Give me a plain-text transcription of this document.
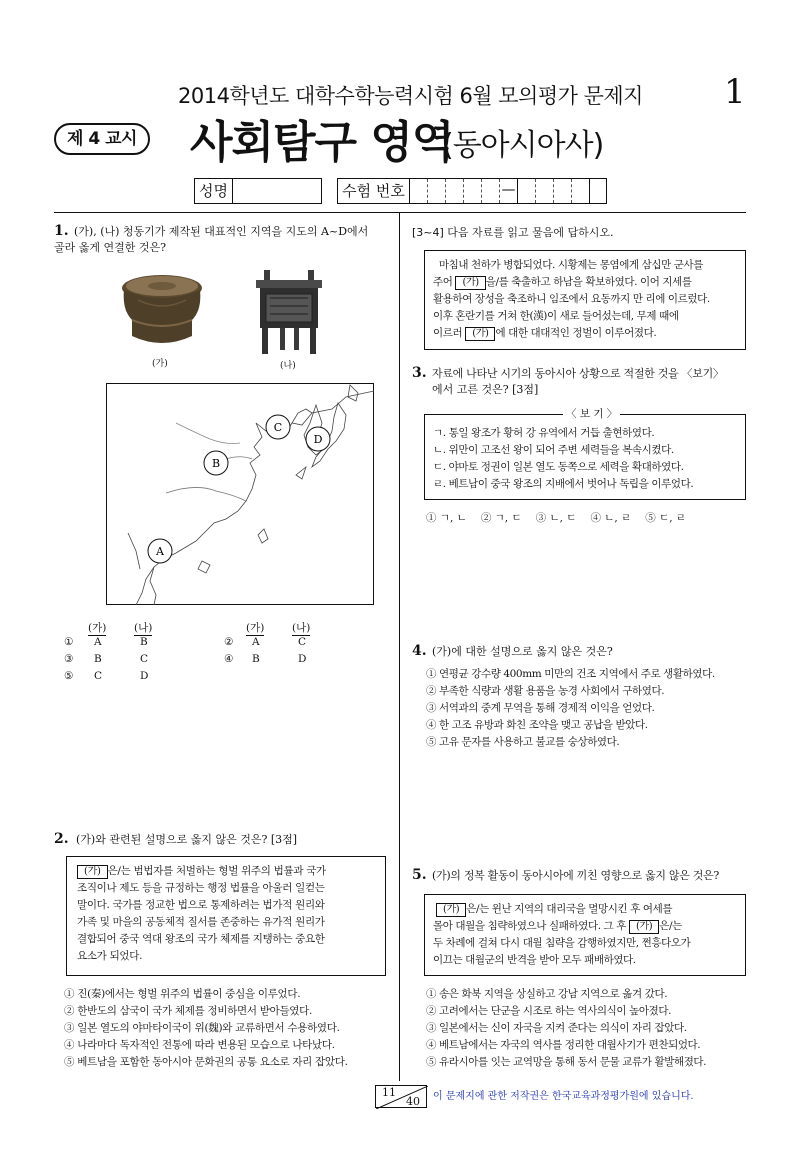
2014학년도 대학수학능력시험 6월 모의평가 문제지 1
제 4 교시 사회탐구 영역
(동아시아사)
성명	수험 번호	—
1. (가), (나) 청동기가 제작된 대표적인 지역을 지도의 A~D에서
골라 옳게 연결한 것은?
(가)	(나)
A
B
C
D
(가)	(나)	(가)	(나)
① A	B	② A	C
③ B	C	④ B	D
⑤ C	D
2. (가)와 관련된 설명으로 옳지 않은 것은? [3점]
(가) 은/는 범법자를 처벌하는 형벌 위주의 법률과 국가
조직이나 제도 등을 규정하는 행정 법률을 아울러 일컫는
말이다. 국가를 정교한 법으로 통제하려는 법가적 원리와
가족 및 마을의 공동체적 질서를 존중하는 유가적 원리가
결합되어 중국 역대 왕조의 국가 체제를 지탱하는 중요한
요소가 되었다.
① 진(秦)에서는 형벌 위주의 법률이 중심을 이루었다.
② 한반도의 삼국이 국가 체제를 정비하면서 받아들였다.
③ 일본 열도의 야마타이국이 위(魏)와 교류하면서 수용하였다.
④ 나라마다 독자적인 전통에 따라 변용된 모습으로 나타났다.
⑤ 베트남을 포함한 동아시아 문화권의 공통 요소로 자리 잡았다.
[3~4] 다음 자료를 읽고 물음에 답하시오.
마침내 천하가 병합되었다. 시황제는 몽염에게 삼십만 군사를
주어 (가) 을/를 축출하고 하남을 확보하였다. 이어 지세를
활용하여 장성을 축조하니 임조에서 요동까지 만 리에 이르렀다.
이후 혼란기를 거쳐 한(漢)이 새로 들어섰는데, 무제 때에
이르러 (가) 에 대한 대대적인 정벌이 이루어졌다.
3. 자료에 나타난 시기의 동아시아 상황으로 적절한 것을 〈보기〉
에서 고른 것은? [3점]
〈 보 기 〉
ㄱ. 통일 왕조가 황허 강 유역에서 거듭 출현하였다.
ㄴ. 위만이 고조선 왕이 되어 주변 세력들을 복속시켰다.
ㄷ. 야마토 정권이 일본 열도 동쪽으로 세력을 확대하였다.
ㄹ. 베트남이 중국 왕조의 지배에서 벗어나 독립을 이루었다.
① ㄱ, ㄴ ② ㄱ, ㄷ ③ ㄴ, ㄷ ④ ㄴ, ㄹ ⑤ ㄷ, ㄹ
4. (가)에 대한 설명으로 옳지 않은 것은?
① 연평균 강수량 400mm 미만의 건조 지역에서 주로 생활하였다.
② 부족한 식량과 생활 용품을 농경 사회에서 구하였다.
③ 서역과의 중계 무역을 통해 경제적 이익을 얻었다.
④ 한 고조 유방과 화친 조약을 맺고 공납을 받았다.
⑤ 고유 문자를 사용하고 불교를 숭상하였다.
5. (가)의 정복 활동이 동아시아에 끼친 영향으로 옳지 않은 것은?
(가) 은/는 윈난 지역의 대리국을 멸망시킨 후 여세를
몰아 대월을 침략하였으나 실패하였다. 그 후 (가) 은/는
두 차례에 걸쳐 다시 대월 침략을 감행하였지만, 쩐흥다오가
이끄는 대월군의 반격을 받아 모두 패배하였다.
① 송은 화북 지역을 상실하고 강남 지역으로 옮겨 갔다.
② 고려에서는 단군을 시조로 하는 역사의식이 높아졌다.
③ 일본에서는 신이 자국을 지켜 준다는 의식이 자리 잡았다.
④ 베트남에서는 자국의 역사를 정리한 대월사기가 편찬되었다.
⑤ 유라시아를 잇는 교역망을 통해 동서 문물 교류가 활발해졌다.
11
40 이 문제지에 관한 저작권은 한국교육과정평가원에 있습니다.
